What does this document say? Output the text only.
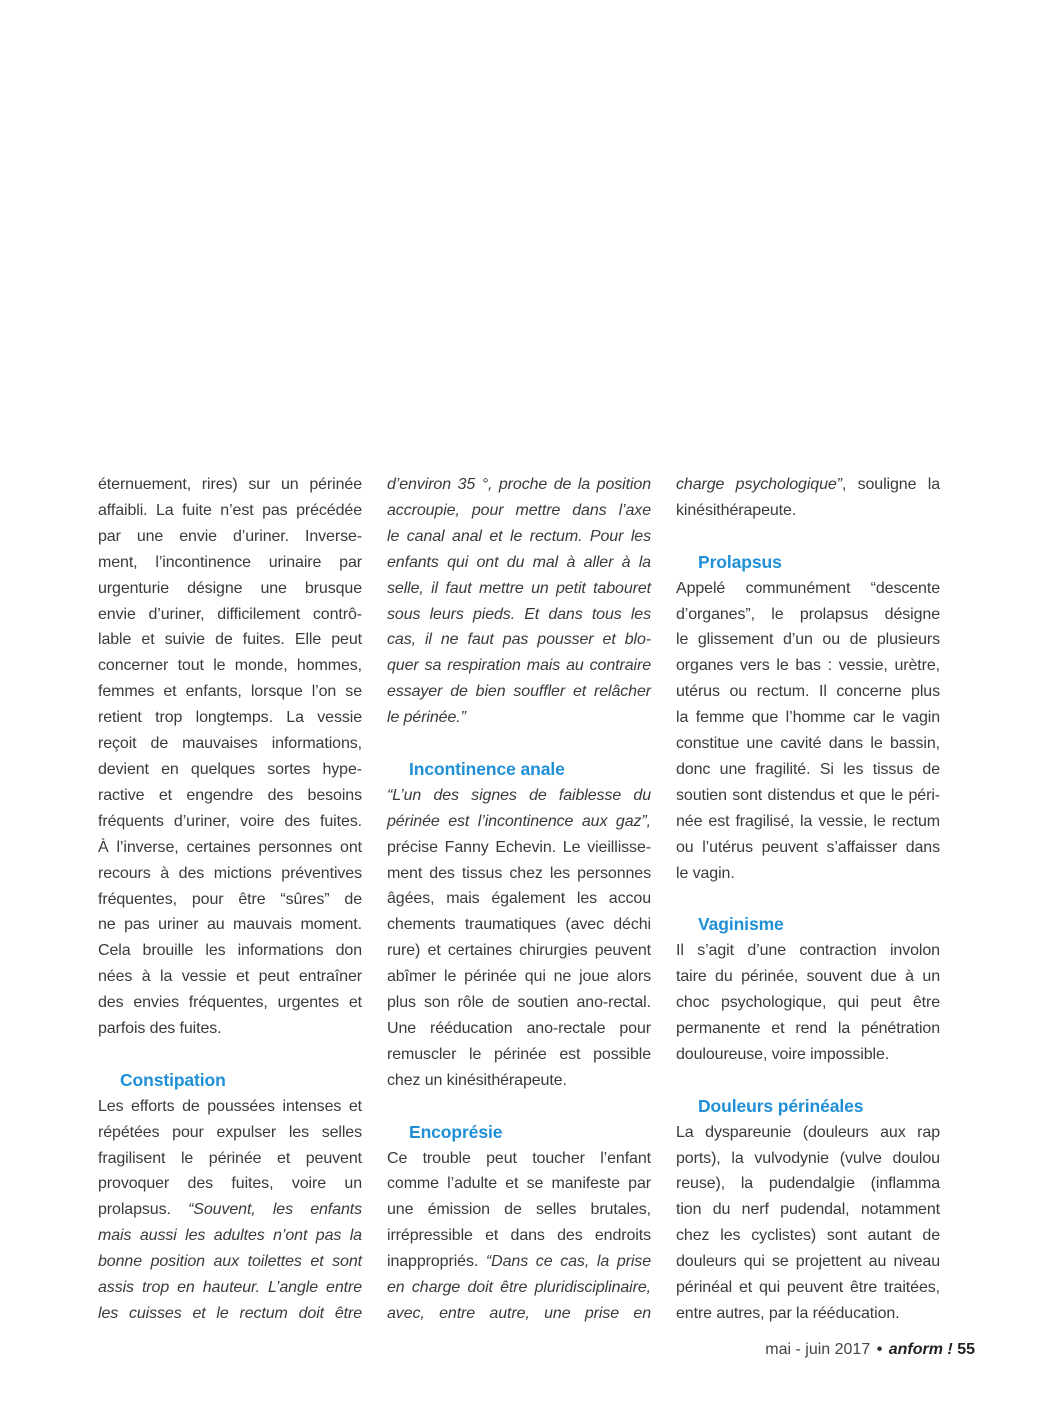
éternuement, rires) sur un périnée

affaibli. La fuite n’est pas précédée

par une envie d’uriner. Inverse-

ment, l’incontinence urinaire par

urgenturie désigne une brusque

envie d’uriner, difficilement contrô-

lable et suivie de fuites. Elle peut

concerner tout le monde, hommes,

femmes et enfants, lorsque l’on se

retient trop longtemps. La vessie

reçoit de mauvaises informations,

devient en quelques sortes hype-

ractive et engendre des besoins

fréquents d’uriner, voire des fuites.

À l’inverse, certaines personnes ont

recours à des mictions préventives

fréquentes, pour être “sûres” de

ne pas uriner au mauvais moment.

Cela brouille les informations don

nées à la vessie et peut entraîner

des envies fréquentes, urgentes et

parfois des fuites.

Constipation

Les efforts de poussées intenses et

répétées pour expulser les selles

fragilisent le périnée et peuvent

provoquer des fuites, voire un

prolapsus. “Souvent, les enfants

mais aussi les adultes n’ont pas la

bonne position aux toilettes et sont

assis trop en hauteur. L’angle entre

les cuisses et le rectum doit être

d’environ 35 °, proche de la position

accroupie, pour mettre dans l’axe

le canal anal et le rectum. Pour les

enfants qui ont du mal à aller à la

selle, il faut mettre un petit tabouret

sous leurs pieds. Et dans tous les

cas, il ne faut pas pousser et blo-

quer sa respiration mais au contraire

essayer de bien souffler et relâcher

le périnée.”

Incontinence anale

“L’un des signes de faiblesse du

périnée est l’incontinence aux gaz”,

précise Fanny Echevin. Le vieillisse-

ment des tissus chez les personnes

âgées, mais également les accou

chements traumatiques (avec déchi

rure) et certaines chirurgies peuvent

abîmer le périnée qui ne joue alors

plus son rôle de soutien ano-rectal.

Une rééducation ano-rectale pour

remuscler le périnée est possible

chez un kinésithérapeute.

Encoprésie

Ce trouble peut toucher l’enfant

comme l’adulte et se manifeste par

une émission de selles brutales,

irrépressible et dans des endroits

inappropriés. “Dans ce cas, la prise

en charge doit être pluridisciplinaire,

avec, entre autre, une prise en

charge psychologique”, souligne la

kinésithérapeute.

Prolapsus

Appelé communément “descente

d’organes”, le prolapsus désigne

le glissement d’un ou de plusieurs

organes vers le bas : vessie, urètre,

utérus ou rectum. Il concerne plus

la femme que l’homme car le vagin

constitue une cavité dans le bassin,

donc une fragilité. Si les tissus de

soutien sont distendus et que le péri-

née est fragilisé, la vessie, le rectum

ou l’utérus peuvent s’affaisser dans

le vagin.

Vaginisme

Il s’agit d’une contraction involon

taire du périnée, souvent due à un

choc psychologique, qui peut être

permanente et rend la pénétration

douloureuse, voire impossible.

Douleurs périnéales

La dyspareunie (douleurs aux rap

ports), la vulvodynie (vulve doulou

reuse), la pudendalgie (inflamma

tion du nerf pudendal, notamment

chez les cyclistes) sont autant de

douleurs qui se projettent au niveau

périnéal et qui peuvent être traitées,

entre autres, par la rééducation.

mai - juin 2017 • anform ! 55
